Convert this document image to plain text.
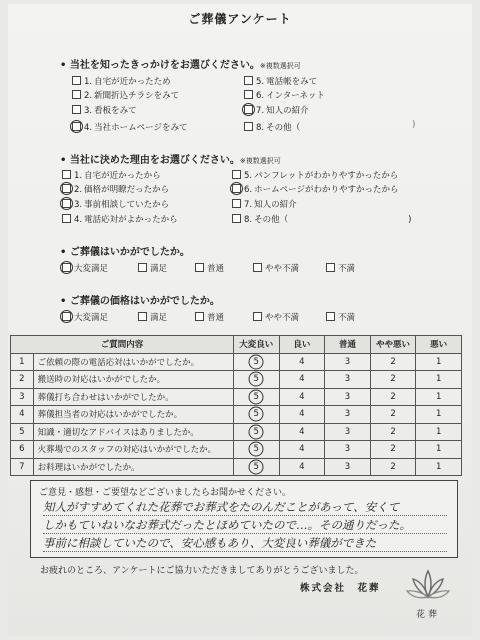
ご葬儀アンケート
• 当社を知ったきっかけをお選びください。※複数選択可
1. 自宅が近かったため
2. 新聞折込チラシをみて
3. 看板をみて
4. 当社ホームページをみて
5. 電話帳をみて
6. インターネット
7. 知人の紹介
8. その他（	)
• 当社に決めた理由をお選びください。※複数選択可
1. 自宅が近かったから
2. 価格が明瞭だったから
3. 事前相談していたから
4. 電話応対がよかったから
5. パンフレットがわかりやすかったから
6. ホームページがわかりやすかったから
7. 知人の紹介
8. その他（	)
• ご葬儀はいかがでしたか。
大変満足	満足	普通	やや不満	不満
• ご葬儀の価格はいかがでしたか。
大変満足	満足	普通	やや不満	不満
ご質問内容		大変良い	良い	普通	やや悪い	悪い
1	ご依頼の際の電話応対はいかがでしたか。	5	4	3	2	1
2	搬送時の対応はいかがでしたか。	5	4	3	2	1
3	葬儀打ち合わせはいかがでしたか。	5	4	3	2	1
4	葬儀担当者の対応はいかがでしたか。	5	4	3	2	1
5	知識・適切なアドバイスはありましたか。	5	4	3	2	1
6	火葬場でのスタッフの対応はいかがでしたか。	5	4	3	2	1
7	お料理はいかがでしたか。	5	4	3	2	1
ご意見・感想・ご要望などございましたらお聞かせください。
知人がすすめてくれた花葬でお葬式をたのんだことがあって、安くて
しかもていねいなお葬式だったとほめていたので…。その通りだった。
事前に相談していたので、安心感もあり、大変良い葬儀ができた
お疲れのところ、アンケートにご協力いただきましてありがとうございました。
株式会社　花葬
花葬
